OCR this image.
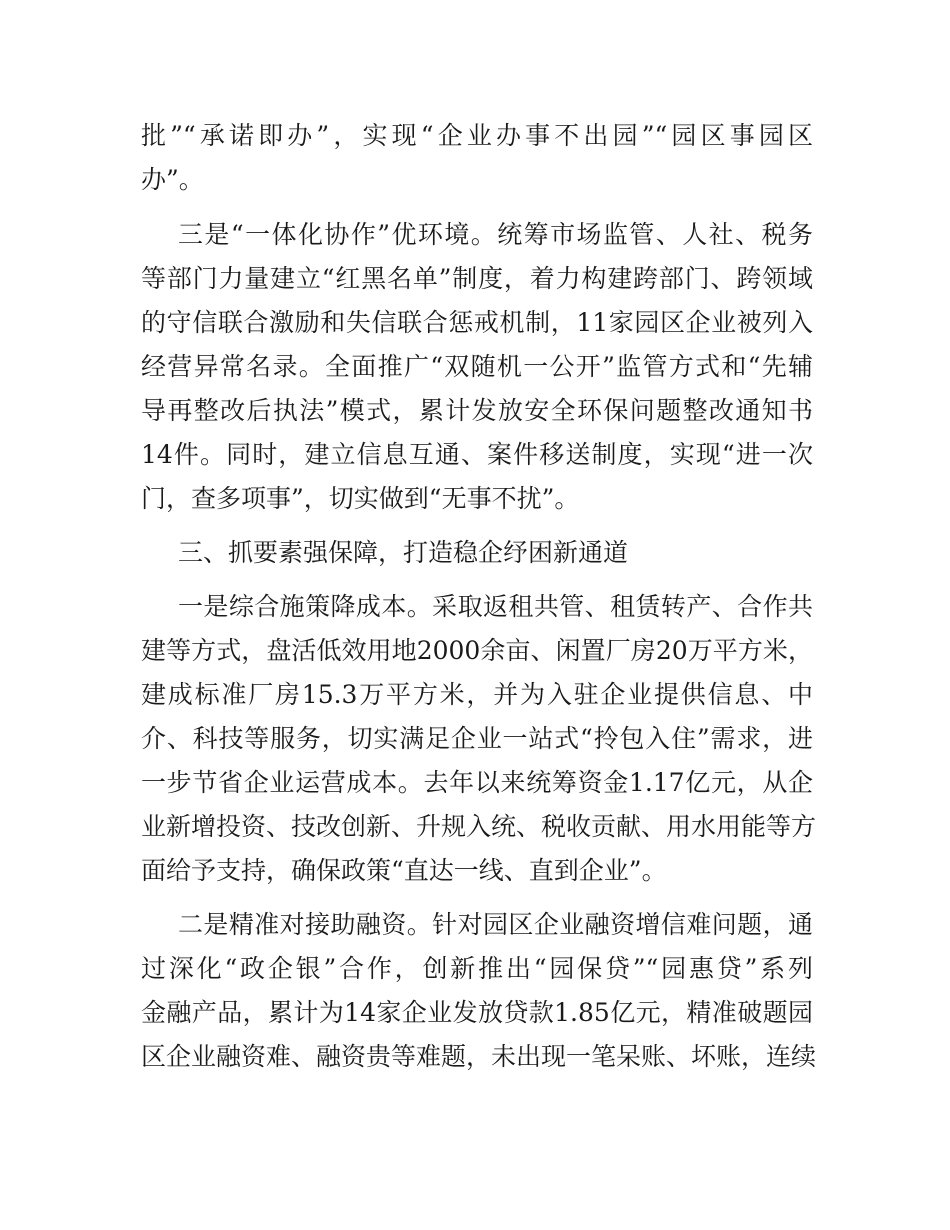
批”“承诺即办”，实现“企业办事不出园”“园区事园区
办”。
三是“一体化协作”优环境。统筹市场监管、人社、税务
等部门力量建立“红黑名单”制度，着力构建跨部门、跨领域
的守信联合激励和失信联合惩戒机制，11家园区企业被列入
经营异常名录。全面推广“双随机一公开”监管方式和“先辅
导再整改后执法”模式，累计发放安全环保问题整改通知书
14件。同时，建立信息互通、案件移送制度，实现“进一次
门，查多项事”，切实做到“无事不扰”。
三、抓要素强保障，打造稳企纾困新通道
一是综合施策降成本。采取返租共管、租赁转产、合作共
建等方式，盘活低效用地2000余亩、闲置厂房20万平方米，
建成标准厂房15.3万平方米，并为入驻企业提供信息、中
介、科技等服务，切实满足企业一站式“拎包入住”需求，进
一步节省企业运营成本。去年以来统筹资金1.17亿元，从企
业新增投资、技改创新、升规入统、税收贡献、用水用能等方
面给予支持，确保政策“直达一线、直到企业”。
二是精准对接助融资。针对园区企业融资增信难问题，通
过深化“政企银”合作，创新推出“园保贷”“园惠贷”系列
金融产品，累计为14家企业发放贷款1.85亿元，精准破题园
区企业融资难、融资贵等难题，未出现一笔呆账、坏账，连续
